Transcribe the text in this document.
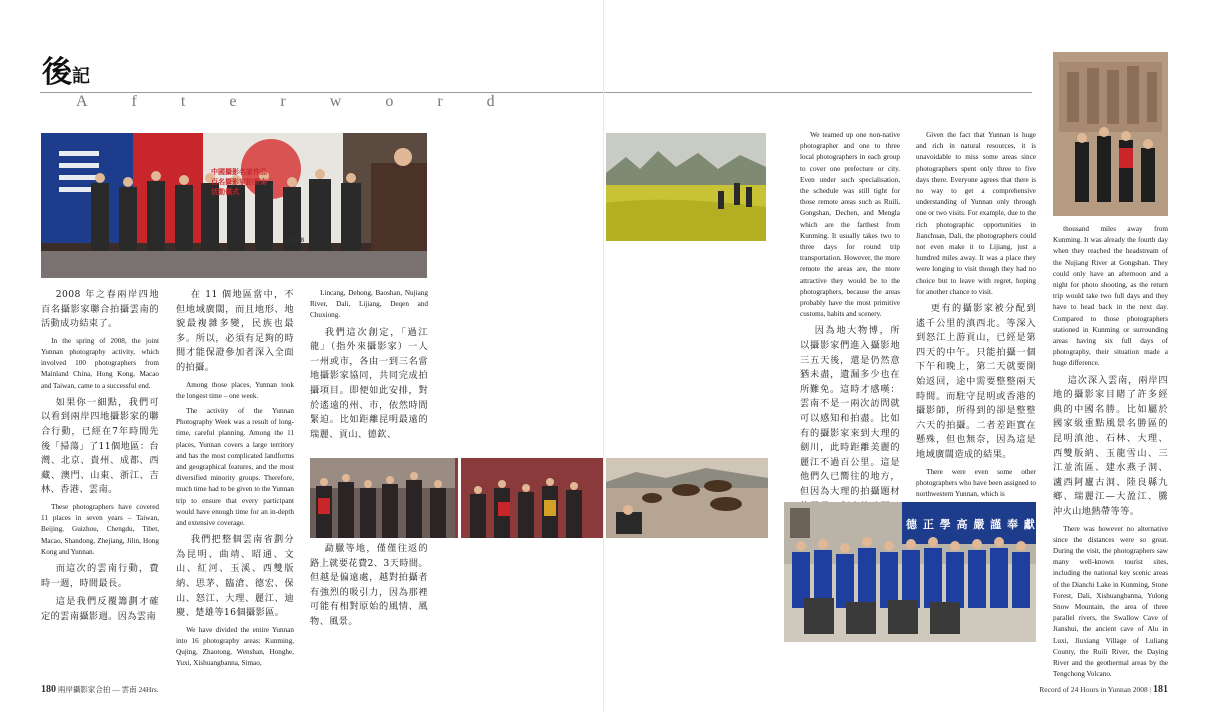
後記
Afterword
中國攝影名家作品
百名攝影家拍雲南
活動儀式
2008

2008 年之春兩岸四地百名攝影家聯合拍攝雲南的活動成功結束了。

In the spring of 2008, the joint Yunnan photography activity, which involved 100 photographers from Mainland China, Hong Kong, Macao and Taiwan, came to a successful end.

如果你一細點，我們可以看到兩岸四地攝影家的聯合行動，已經在7年時間先後「掃蕩」了11個地區：台灣、北京、貴州、成都、西藏、澳門、山東、浙江、吉林、香港、雲南。

These photographers have covered 11 places in seven years – Taiwan, Beijing, Guizhou, Chengdu, Tibet, Macao, Shandong, Zhejiang, Jilin, Hong Kong and Yunnan.

而這次的雲南行動，費時一週，時間最長。

這是我們反覆籌劃才確定的雲南攝影週。因為雲南

在 11 個地區當中，不但地域廣闊，而且地形、地貌最複雜多變，民族也最多。所以，必須有足夠的時間才能保證參加者深入全面的拍攝。

Among those places, Yunnan took the longest time – one week.

The activity of the Yunnan Photography Week was a result of long-time, careful planning. Among the 11 places, Yunnan covers a large territory and has the most complicated landforms and geographical features, and the most diversified minority groups. Therefore, much time had to be given to the Yunnan trip to ensure that every participant would have enough time for an in-depth and extensive coverage.

我們把整個雲南省劃分為昆明、曲靖、昭通、文山、紅河、玉溪、西雙版納、思茅、臨滄、德宏、保山、怒江、大理、麗江、迪慶、楚雄等16個攝影區。

We have divided the entire Yunnan into 16 photography areas: Kunming, Qujing, Zhaotong, Wenshan, Honghe, Yuxi, Xishuangbanna, Simao,

Lincang, Dehong, Baoshan, Nujiang River, Dali, Lijiang, Deqen and Chuxiong.

我們這次創定，「過江龍」（指外來攝影家）一人一州或市，各由一到三名當地攝影家協同，共同完成拍攝項目。即便如此安排，對於遙遠的州、市，依然時間緊迫。比如距離昆明最遠的瑞麗、貢山、德欽、

勐臘等地，僅僅往返的路上就要花費2、3天時間。但越是偏遠處，越對拍攝者有強烈的吸引力，因為那裡可能有相對原始的風情、風物、風景。

180 兩岸攝影家合拍 — 雲南 24Hrs.

We teamed up one non-native photographer and one to three local photographers in each group to cover one prefecture or city. Even under such specialisation, the schedule was still tight for those remote areas such as Ruili, Gongshan, Dechen, and Mengla which are the farthest from Kunming. It usually takes two to three days for round trip transportation. However, the more remote the areas are, the more attractive they would be to the photographers, because the areas probably have the most primitive customs, habits and scenery.

因為地大物博，所以攝影家們進入攝影地三五天後，還是仍然意猶未盡，遺漏多少也在所難免。這時才感嘆：雲南不是一兩次訪問就可以感知和拍盡。比如有的攝影家來到大理的劍川，此時距離美麗的麗江不過百公里。這是他們久已嚮往的地方，但因為大理的拍攝題材

Given the fact that Yunnan is huge and rich in natural resources, it is unavoidable to miss some areas since photographers spent only three to five days there. Everyone agrees that there is no way to get a comprehensive understanding of Yunnan only through one or two visits. For example, due to the rich photographic opportunities in Jianchuan, Dali, the photographers could not even make it to Lijiang, just a hundred miles away. It was a place they were longing to visit though they had no choice but to leave with regret, hoping for another chance to visit.

更有的攝影家被分配到遙千公里的滇西北。等深入到怒江上游貢山，已經是第四天的中午。只能拍攝一個下午和晚上，第二天就要開始返回，途中需要整整兩天時間。而駐守昆明或香港的攝影師，所得到的卻是整整六天的拍攝。二者差距實在懸殊，但也無奈，因為這是地域廣闊造成的結果。

There were even some other photographers who have been assigned to northwestern Yunnan, which is

thousand miles away from Kunming. It was already the fourth day when they reached the headstream of the Nujiang River at Gongshan. They could only have an afternoon and a night for photo shooting, as the return trip would take two full days and they have to head back in the next day. Compared to those photographers stationed in Kunming or surrounding areas having six full days of photography, their situation made a huge difference.

這次深入雲南，兩岸四地的攝影家目睹了許多經典的中國名勝。比如屬於國家級重點風景名勝區的昆明滇池、石林、大理、西雙版納、玉龍雪山、三江並流區、建水燕子洞、瀘西阿廬古洞、陸良縣九鄉、瑞麗江—大盈江、騰沖火山地熱帶等等。

There was however no alternative since the distances were so great. During the visit, the photographers saw many well-known tourist sites, including the national key scenic areas of the Dianchi Lake in Kunming, Stone Forest, Dali, Xishuangbanna, Yulong Snow Mountain, the area of three parallel rivers, the Swallow Cave of Jianshui, the ancient cave of Alu in Luxi, Jiuxiang Village of Luliang County, the Ruili River, the Daying River and the geothermal areas by the Tengchong Volcano.

德 正 學 高 嚴 謹 奉 獻
Record of 24 Hours in Yunnan 2008 | 181
